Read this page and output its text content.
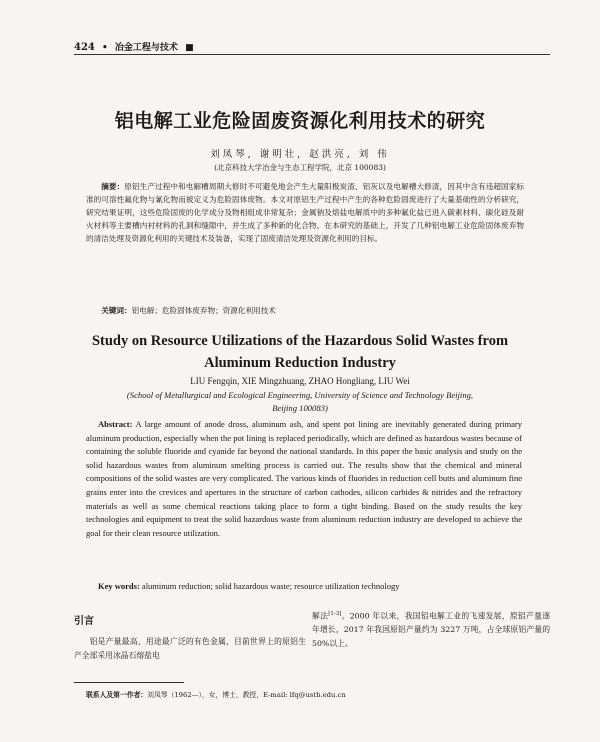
424 • 冶金工程与技术 ■
铝电解工业危险固废资源化利用技术的研究
刘凤琴, 谢明壮, 赵洪亮, 刘 伟
(北京科技大学冶金与生态工程学院，北京 100083)
摘要：原铝生产过程中和电解槽周期大修时不可避免地会产生大量阳极炭渣、铝灰以及电解槽大修渣，因其中含有违超国家标准的可溶性氟化物与氰化物而被定义为危险固体废物。本文对原铝生产过程中产生的各种危险固废进行了大量基础性的分析研究，研究结果证明，这些危险固废的化学成分及物相组成非常复杂；金属钠及熔盐电解质中的多种氟化盐已进入碳素材料、碳化硅及耐火材料等主要槽内衬材料的孔洞和缝隙中，并生成了多种新的化合物。在本研究的基础上，开发了几种铝电解工业危险固体废弃物的清洁处理及资源化利用的关键技术及装备，实现了固废清洁处理及资源化利用的目标。
关键词：铝电解；危险固体废弃物；资源化利用技术
Study on Resource Utilizations of the Hazardous Solid Wastes from Aluminum Reduction Industry
LIU Fengqin, XIE Mingzhuang, ZHAO Hongliang, LIU Wei
(School of Metallurgical and Ecological Engineering, University of Science and Technology Beijing, Beijing 100083)
Abstract: A large amount of anode dross, aluminum ash, and spent pot lining are inevitably generated during primary aluminum production, especially when the pot lining is replaced periodically, which are defined as hazardous wastes because of containing the soluble fluoride and cyanide far beyond the national standards. In this paper the basic analysis and study on the solid hazardous wastes from aluminum smelting process is carried out. The results show that the chemical and mineral compositions of the solid wastes are very complicated. The various kinds of fluorides in reduction cell butts and aluminum fine grains enter into the crevices and apertures in the structure of carbon cathodes, silicon carbides & nitrides and the refractory materials as well as some chemical reactions taking place to form a tight binding. Based on the study results the key technologies and equipment to treat the solid hazardous waste from aluminum reduction industry are developed to achieve the goal for their clean resource utilization.
Key words: aluminum reduction; solid hazardous waste; resource utilization technology
引言

铝是产量最高、用途最广泛的有色金属，目前世界上的原铝生产全部采用冰晶石熔盐电

解法[1-3]。2000 年以来，我国铝电解工业的飞速发展，原铝产量逐年增长，2017 年我国原铝产量约为 3227 万吨，占全球原铝产量的 50%以上。

联系人及第一作者：刘凤琴（1962—），女，博士，教授，E-mail: lfq@ustb.edu.cn
